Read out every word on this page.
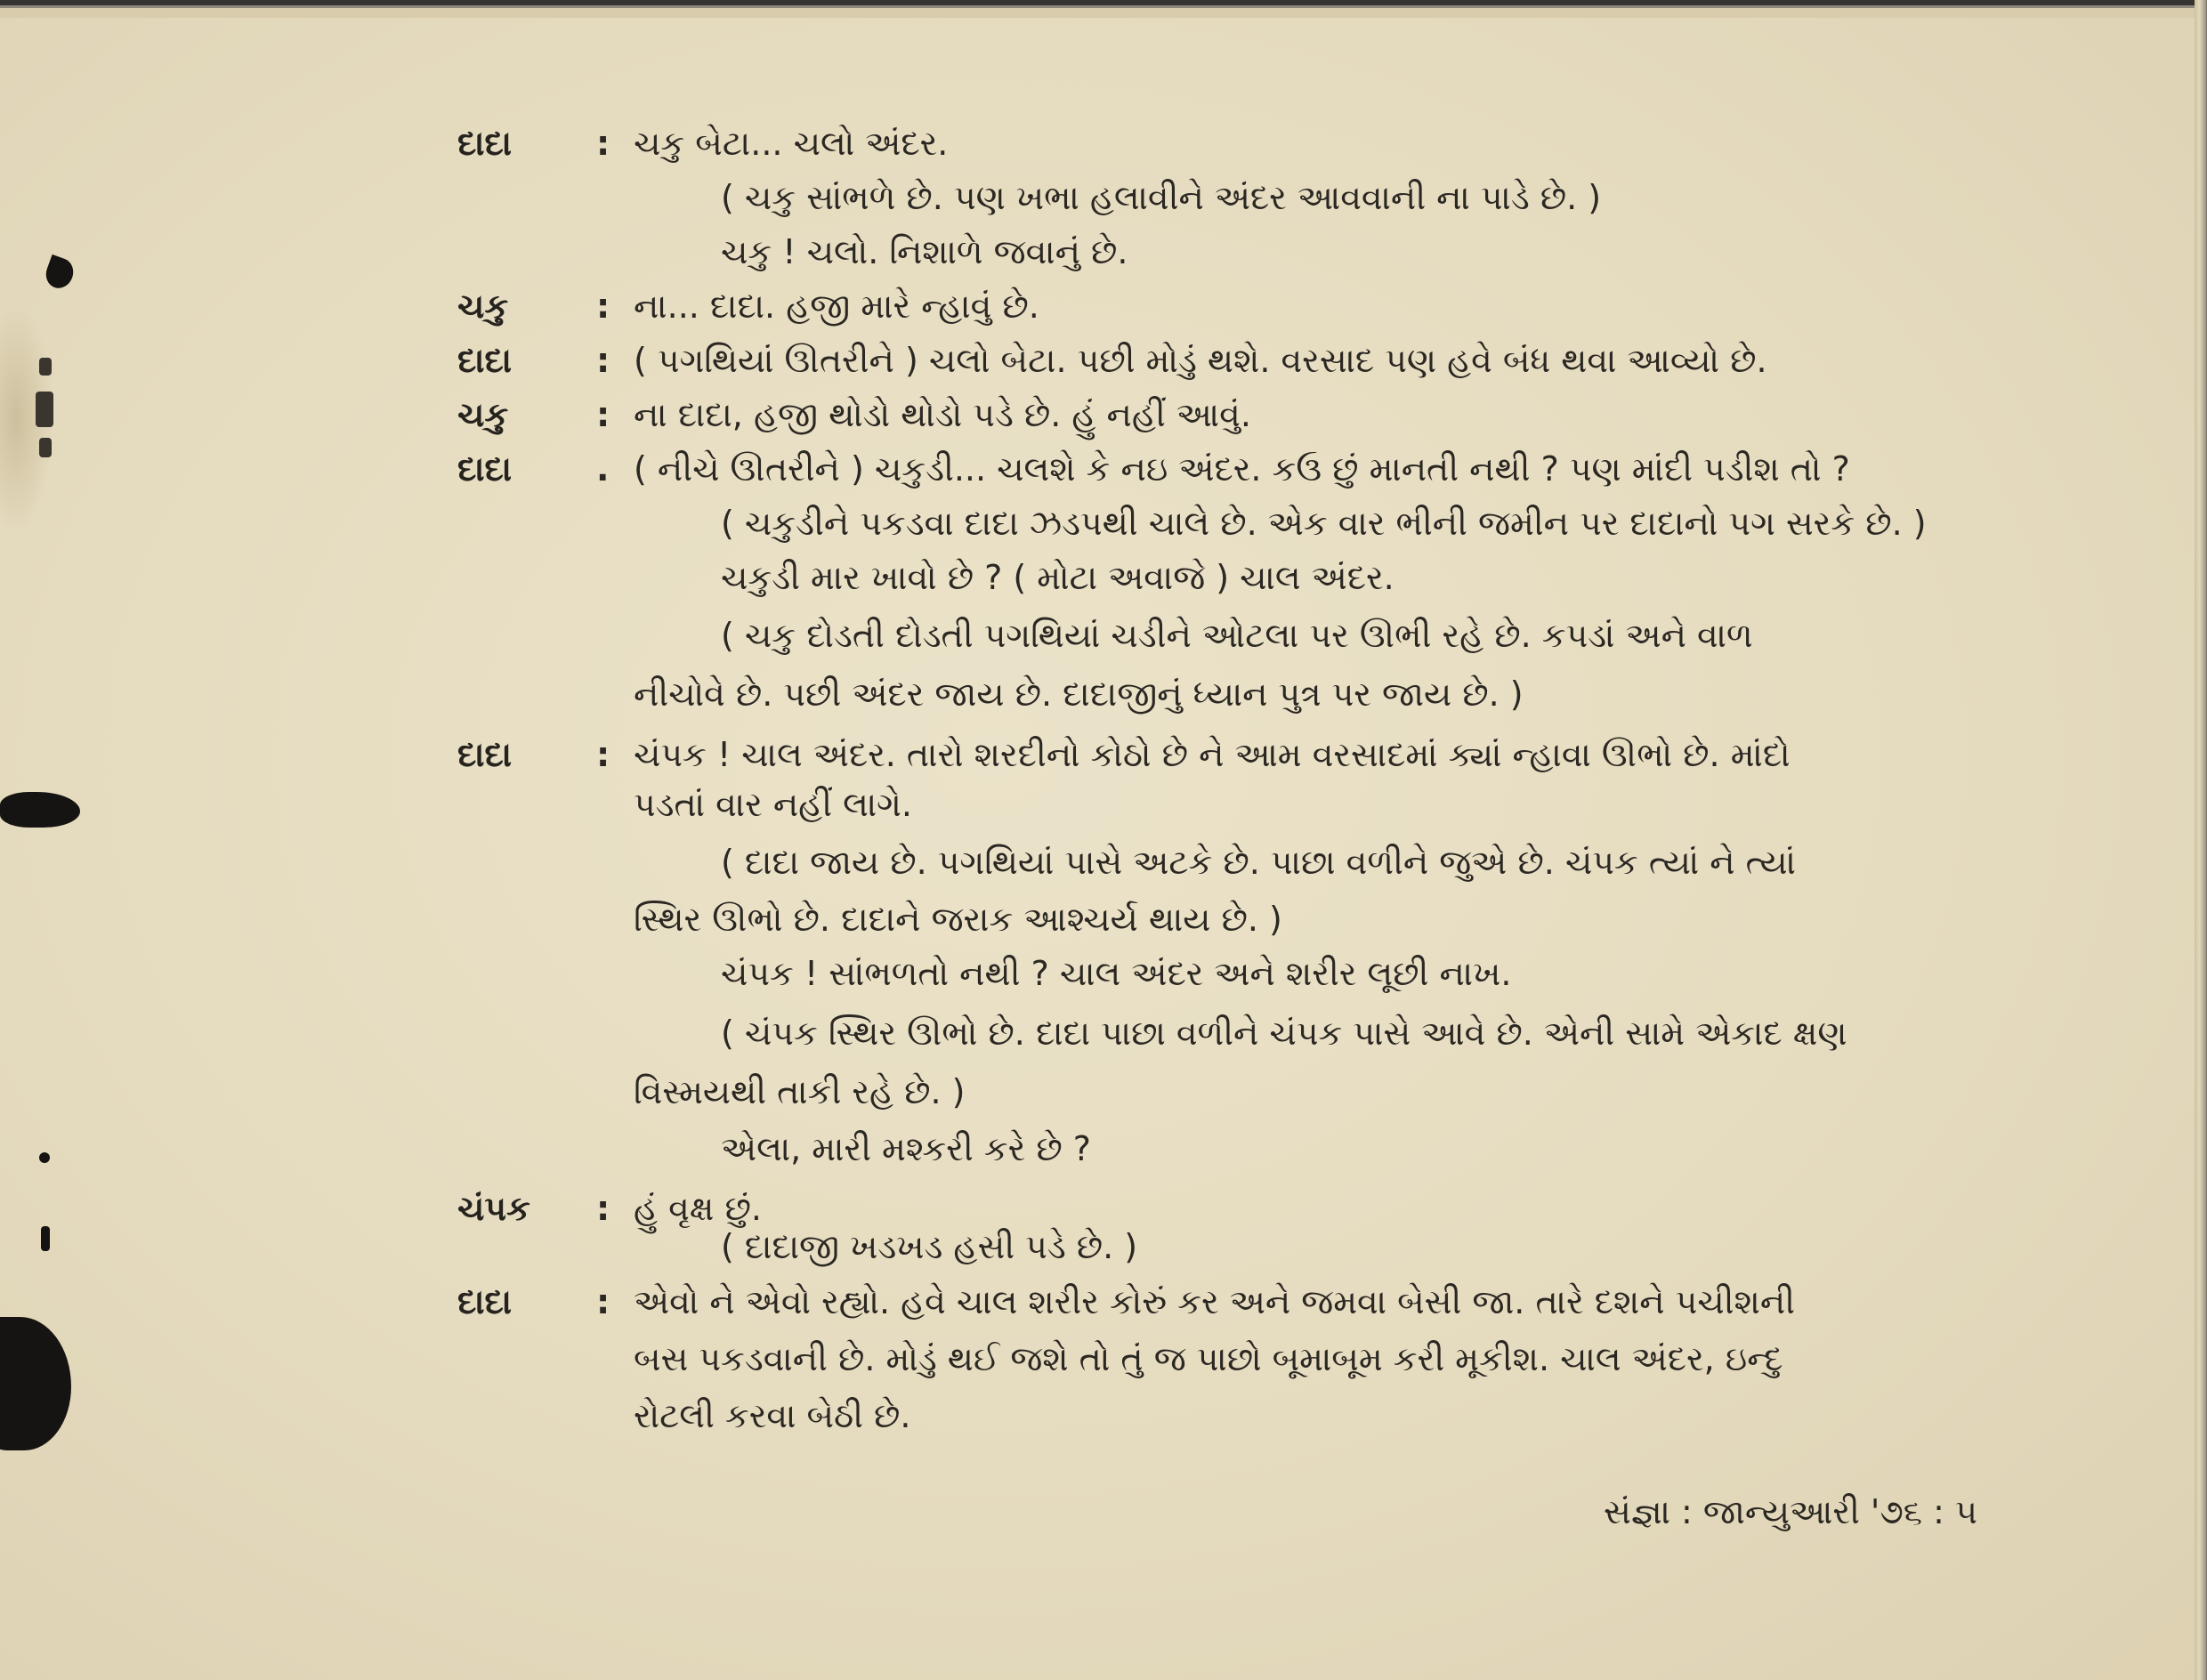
દાદા : ચકુ બેટા... ચલો અંદર.
( ચકુ સાંભળે છે. પણ ખભા હલાવીને અંદર આવવાની ના પાડે છે. )
ચકુ ! ચલો. નિશાળે જવાનું છે.
ચકુ	: ના... દાદા. હજી મારે ન્હાવું છે.
દાદા : ( પગથિયાં ઊતરીને ) ચલો બેટા. પછી મોડું થશે. વરસાદ પણ હવે બંધ થવા આવ્યો છે.
ચકુ	: ના દાદા, હજી થોડો થોડો પડે છે. હું નહીં આવું.
દાદા . ( નીચે ઊતરીને ) ચકુડી... ચલશે કે નઇ અંદર. કઉ છું માનતી નથી ? પણ માંદી પડીશ તો ?
( ચકુડીને પકડવા દાદા ઝડપથી ચાલે છે. એક વાર ભીની જમીન પર દાદાનો પગ સરકે છે. )
ચકુડી માર ખાવો છે ? ( મોટા અવાજે ) ચાલ અંદર.
( ચકુ દોડતી દોડતી પગથિયાં ચડીને ઓટલા પર ઊભી રહે છે. કપડાં અને વાળ
નીચોવે છે. પછી અંદર જાય છે. દાદાજીનું ધ્યાન પુત્ર પર જાય છે. )
દાદા : ચંપક ! ચાલ અંદર. તારો શરદીનો કોઠો છે ને આમ વરસાદમાં ક્યાં ન્હાવા ઊભો છે. માંદો
પડતાં વાર નહીં લાગે.
( દાદા જાય છે. પગથિયાં પાસે અટકે છે. પાછા વળીને જુએ છે. ચંપક ત્યાં ને ત્યાં
સ્થિર ઊભો છે. દાદાને જરાક આશ્ચર્ય થાય છે. )
ચંપક ! સાંભળતો નથી ? ચાલ અંદર અને શરીર લૂછી નાખ.
( ચંપક સ્થિર ઊભો છે. દાદા પાછા વળીને ચંપક પાસે આવે છે. એની સામે એકાદ ક્ષણ
વિસ્મયથી તાકી રહે છે. )
એલા, મારી મશ્કરી કરે છે ?
ચંપક : હું વૃક્ષ છું.
( દાદાજી ખડખડ હસી પડે છે. )
દાદા : એવો ને એવો રહ્યો. હવે ચાલ શરીર કોરું કર અને જમવા બેસી જા. તારે દશને પચીશની
બસ પકડવાની છે. મોડું થઈ જશે તો તું જ પાછો બૂમાબૂમ કરી મૂકીશ. ચાલ અંદર, ઇન્દુ
રોટલી કરવા બેઠી છે.
સંજ્ઞા : જાન્યુઆરી '૭૬ : ૫
